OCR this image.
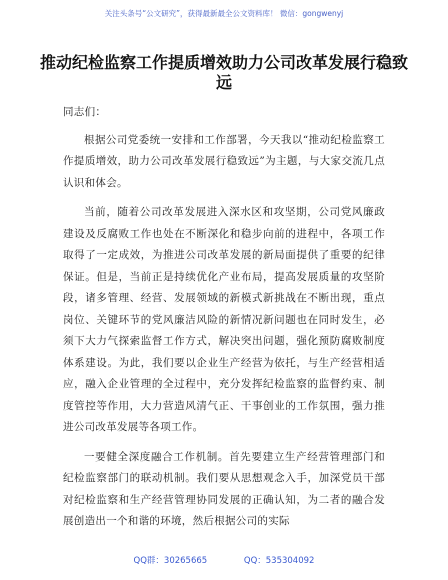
关注头条号“公文研究”，获得最新最全公文资料库！ 微信：gongwenyj
推动纪检监察工作提质增效助力公司改革发展行稳致远

同志们：

根据公司党委统一安排和工作部署，今天我以“推动纪检监察工作提质增效，助力公司改革发展行稳致远”为主题，与大家交流几点认识和体会。

当前，随着公司改革发展进入深水区和攻坚期，公司党风廉政建设及反腐败工作也处在不断深化和稳步向前的进程中，各项工作取得了一定成效，为推进公司改革发展的新局面提供了重要的纪律保证。但是，当前正是持续优化产业布局，提高发展质量的攻坚阶段，诸多管理、经营、发展领域的新模式新挑战在不断出现，重点岗位、关键环节的党风廉洁风险的新情况新问题也在同时发生，必须下大力气探索监督工作方式，解决突出问题，强化预防腐败制度体系建设。为此，我们要以企业生产经营为依托，与生产经营相适应，融入企业管理的全过程中，充分发挥纪检监察的监督约束、制度管控等作用，大力营造风清气正、干事创业的工作氛围，强力推进公司改革发展等各项工作。

一要健全深度融合工作机制。首先要建立生产经营管理部门和纪检监察部门的联动机制。我们要从思想观念入手，加深党员干部对纪检监察和生产经营管理协同发展的正确认知，为二者的融合发展创造出一个和谐的环境，然后根据公司的实际

QQ群：30265665	QQ：535304092
